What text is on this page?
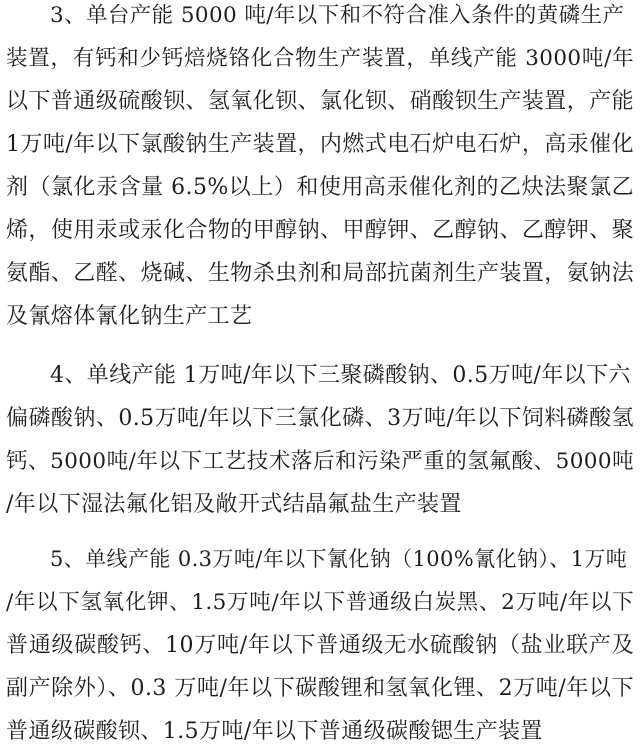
3、单台产能 5000 吨/年以下和不符合准入条件的黄磷生产
装置，有钙和少钙焙烧铬化合物生产装置，单线产能 3000吨/年
以下普通级硫酸钡、氢氧化钡、氯化钡、硝酸钡生产装置，产能
1万吨/年以下氯酸钠生产装置，内燃式电石炉电石炉，高汞催化
剂（氯化汞含量 6.5%以上）和使用高汞催化剂的乙炔法聚氯乙
烯，使用汞或汞化合物的甲醇钠、甲醇钾、乙醇钠、乙醇钾、聚
氨酯、乙醛、烧碱、生物杀虫剂和局部抗菌剂生产装置，氨钠法
及氰熔体氰化钠生产工艺
4、单线产能 1万吨/年以下三聚磷酸钠、0.5万吨/年以下六
偏磷酸钠、0.5万吨/年以下三氯化磷、3万吨/年以下饲料磷酸氢
钙、5000吨/年以下工艺技术落后和污染严重的氢氟酸、5000吨
/年以下湿法氟化铝及敞开式结晶氟盐生产装置
5、单线产能 0.3万吨/年以下氰化钠（100%氰化钠）、1万吨
/年以下氢氧化钾、1.5万吨/年以下普通级白炭黑、2万吨/年以下
普通级碳酸钙、10万吨/年以下普通级无水硫酸钠（盐业联产及
副产除外）、0.3 万吨/年以下碳酸锂和氢氧化锂、2万吨/年以下
普通级碳酸钡、1.5万吨/年以下普通级碳酸锶生产装置
